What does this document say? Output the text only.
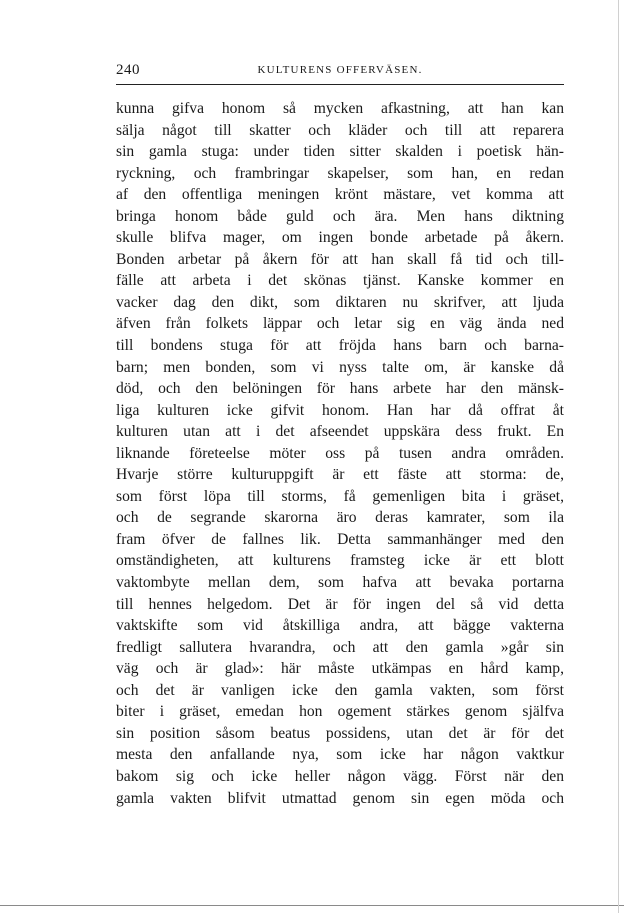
240	KULTURENS OFFERVÄSEN.
kunna gifva honom så mycken afkastning, att han kan
sälja något till skatter och kläder och till att reparera
sin gamla stuga: under tiden sitter skalden i poetisk hän-
ryckning, och frambringar skapelser, som han, en redan
af den offentliga meningen krönt mästare, vet komma att
bringa honom både guld och ära. Men hans diktning
skulle blifva mager, om ingen bonde arbetade på åkern.
Bonden arbetar på åkern för att han skall få tid och till-
fälle att arbeta i det skönas tjänst. Kanske kommer en
vacker dag den dikt, som diktaren nu skrifver, att ljuda
äfven från folkets läppar och letar sig en väg ända ned
till bondens stuga för att fröjda hans barn och barna-
barn; men bonden, som vi nyss talte om, är kanske då
död, och den belöningen för hans arbete har den mänsk-
liga kulturen icke gifvit honom. Han har då offrat åt
kulturen utan att i det afseendet uppskära dess frukt. En
liknande företeelse möter oss på tusen andra områden.
Hvarje större kulturuppgift är ett fäste att storma: de,
som först löpa till storms, få gemenligen bita i gräset,
och de segrande skarorna äro deras kamrater, som ila
fram öfver de fallnes lik. Detta sammanhänger med den
omständigheten, att kulturens framsteg icke är ett blott
vaktombyte mellan dem, som hafva att bevaka portarna
till hennes helgedom. Det är för ingen del så vid detta
vaktskifte som vid åtskilliga andra, att bägge vakterna
fredligt sallutera hvarandra, och att den gamla »går sin
väg och är glad»: här måste utkämpas en hård kamp,
och det är vanligen icke den gamla vakten, som först
biter i gräset, emedan hon ogement stärkes genom själfva
sin position såsom beatus possidens, utan det är för det
mesta den anfallande nya, som icke har någon vaktkur
bakom sig och icke heller någon vägg. Först när den
gamla vakten blifvit utmattad genom sin egen möda och
